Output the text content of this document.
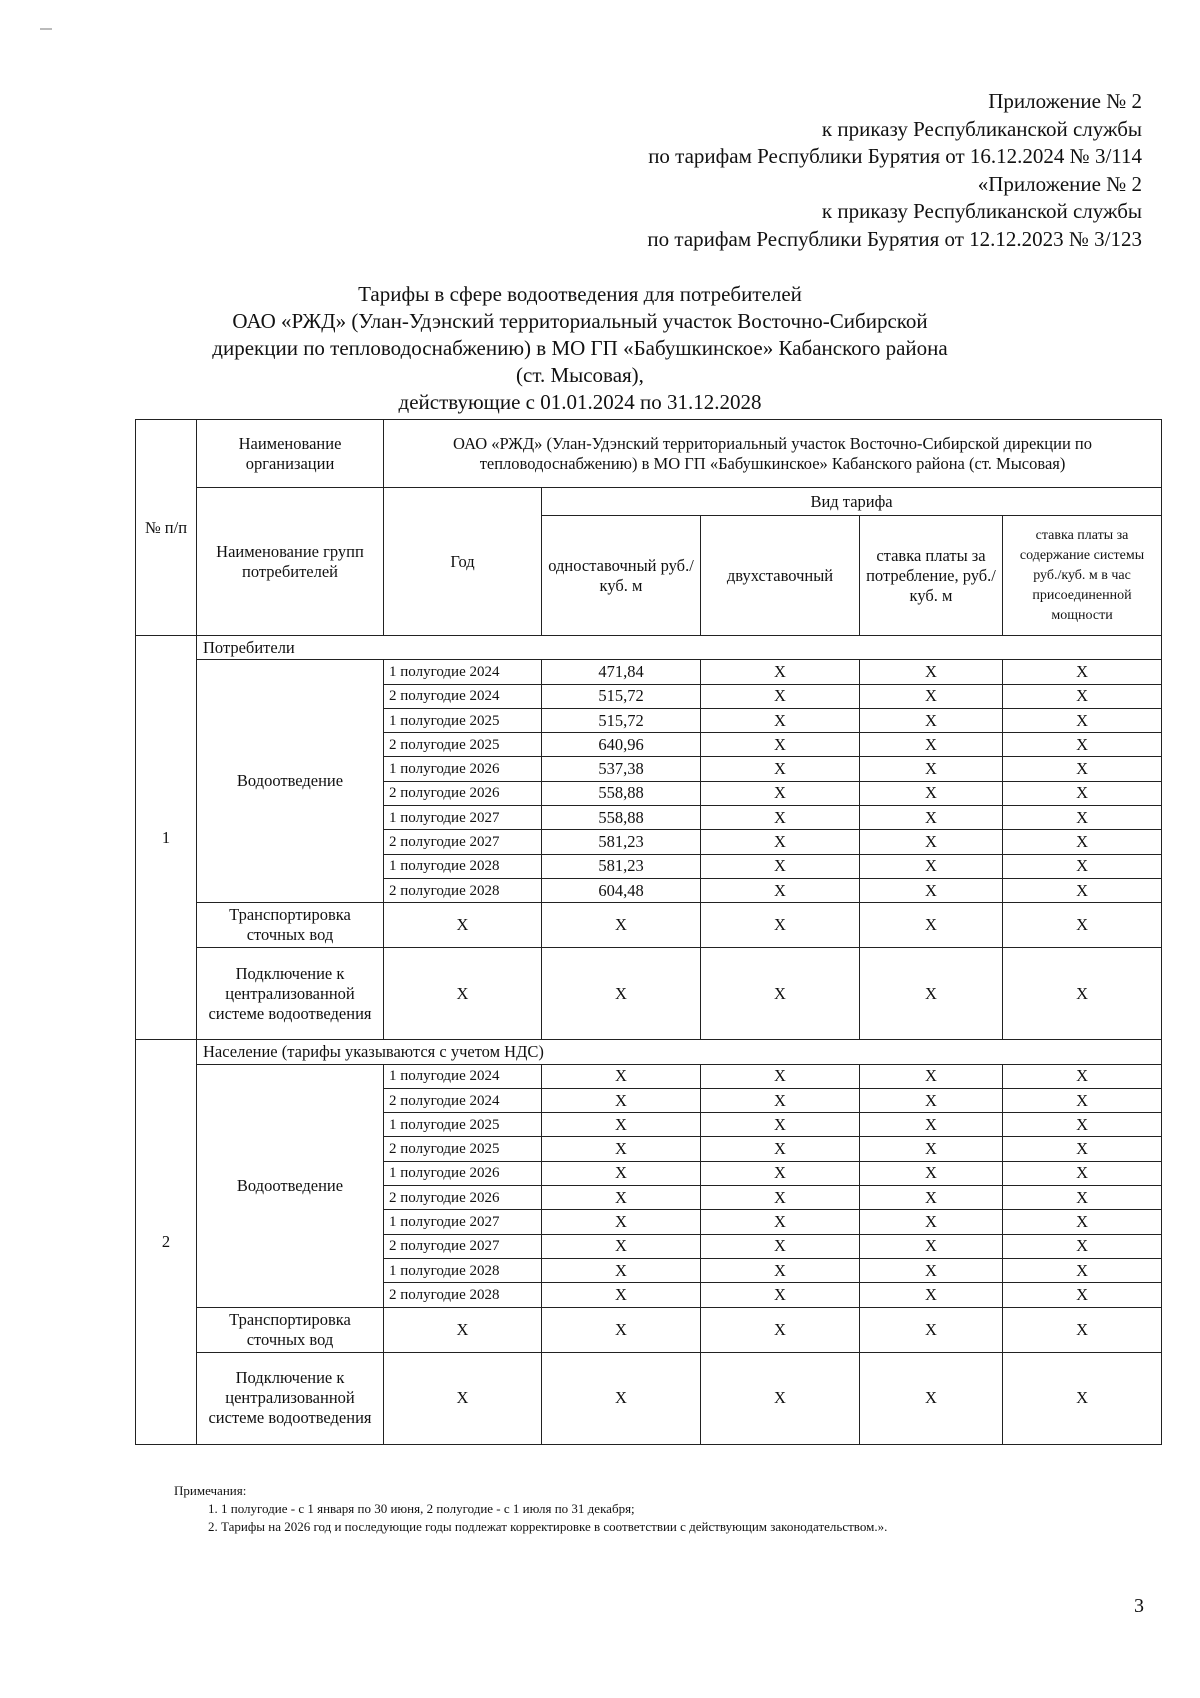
Приложение № 2
к приказу Республиканской службы
по тарифам Республики Бурятия от 16.12.2024 № 3/114
«Приложение № 2
к приказу Республиканской службы
по тарифам Республики Бурятия от 12.12.2023 № 3/123
Тарифы в сфере водоотведения для потребителей
ОАО «РЖД» (Улан-Удэнский территориальный участок Восточно-Сибирской
дирекции по тепловодоснабжению) в МО ГП «Бабушкинское» Кабанского района
(ст. Мысовая),
действующие с 01.01.2024 по 31.12.2028
№ п/п	Наименование организации	ОАО «РЖД» (Улан-Удэнский территориальный участок Восточно-Сибирской дирекции по тепловодоснабжению) в МО ГП «Бабушкинское» Кабанского района (ст. Мысовая)				
	Наименование групп потребителей	Год	Вид тарифа			
			одноставочный руб./ куб. м	двухставочный	ставка платы за потребление, руб./ куб. м	ставка платы за содержание системы руб./куб. м в час присоединенной мощности
1	Потребители					
	Водоотведение	1 полугодие 2024	471,84	X	X	X
		2 полугодие 2024	515,72	X	X	X
		1 полугодие 2025	515,72	X	X	X
		2 полугодие 2025	640,96	X	X	X
		1 полугодие 2026	537,38	X	X	X
		2 полугодие 2026	558,88	X	X	X
		1 полугодие 2027	558,88	X	X	X
		2 полугодие 2027	581,23	X	X	X
		1 полугодие 2028	581,23	X	X	X
		2 полугодие 2028	604,48	X	X	X
	Транспортировка сточных вод	X	X	X	X	X
	Подключение к централизованной системе водоотведения	X	X	X	X	X
2	Население (тарифы указываются с учетом НДС)					
	Водоотведение	1 полугодие 2024	X	X	X	X
		2 полугодие 2024	X	X	X	X
		1 полугодие 2025	X	X	X	X
		2 полугодие 2025	X	X	X	X
		1 полугодие 2026	X	X	X	X
		2 полугодие 2026	X	X	X	X
		1 полугодие 2027	X	X	X	X
		2 полугодие 2027	X	X	X	X
		1 полугодие 2028	X	X	X	X
		2 полугодие 2028	X	X	X	X
	Транспортировка сточных вод	X	X	X	X	X
	Подключение к централизованной системе водоотведения	X	X	X	X	X
Примечания:
1. 1 полугодие - с 1 января по 30 июня, 2 полугодие - с 1 июля по 31 декабря;
2. Тарифы на 2026 год и последующие годы подлежат корректировке в соответствии с действующим законодательством.».
3
